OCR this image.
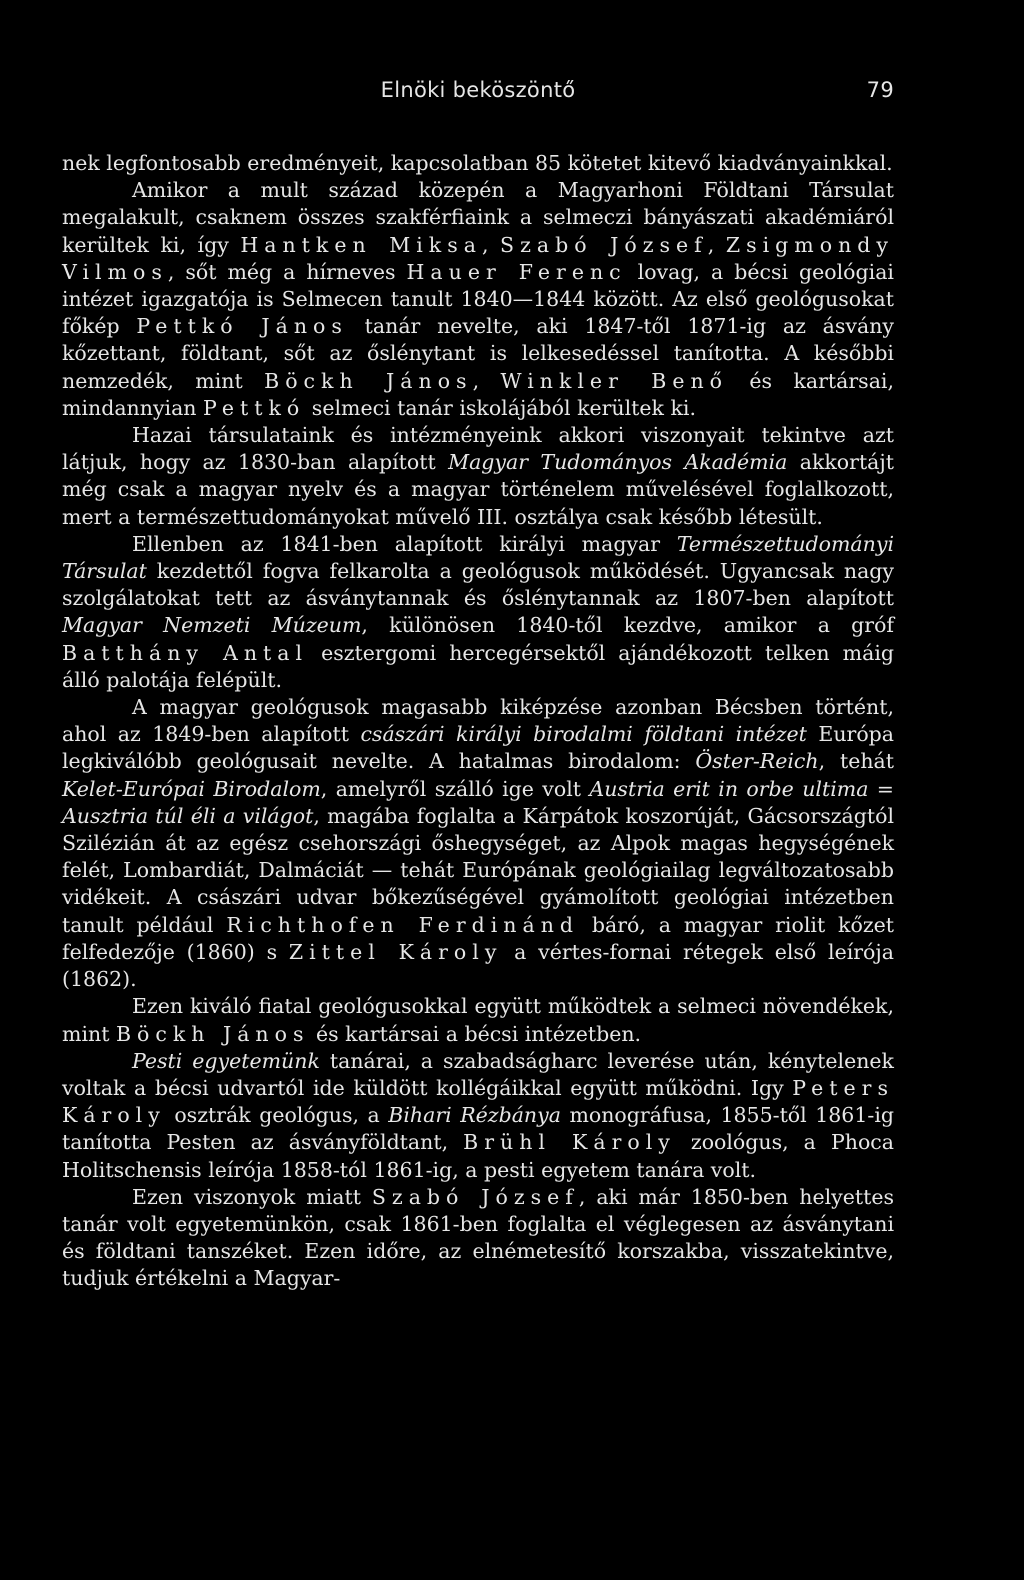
Elnöki beköszöntő	79

nek legfontosabb eredményeit, kapcsolatban 85 kötetet kitevő kiadványainkkal.

Amikor a mult század közepén a Magyarhoni Földtani Társulat megalakult, csaknem összes szakférfiaink a selmeczi bányászati akadémiáról kerültek ki, így Hantken Miksa, Szabó József, Zsigmondy Vilmos, sőt még a hírneves Hauer Ferenc lovag, a bécsi geológiai intézet igazgatója is Selmecen tanult 1840—1844 között. Az első geológusokat főkép Pettkó János tanár nevelte, aki 1847-től 1871-ig az ásvány kőzettant, földtant, sőt az őslénytant is lelkesedéssel tanította. A későbbi nemzedék, mint Böckh János, Winkler Benő és kartársai, mindannyian Pettkó selmeci tanár iskolájából kerültek ki.

Hazai társulataink és intézményeink akkori viszonyait tekintve azt látjuk, hogy az 1830-ban alapított Magyar Tudományos Akadémia akkortájt még csak a magyar nyelv és a magyar történelem művelésével foglalkozott, mert a természettudományokat művelő III. osztálya csak később létesült.

Ellenben az 1841-ben alapított királyi magyar Természettudományi Társulat kezdettől fogva felkarolta a geológusok működését. Ugyancsak nagy szolgálatokat tett az ásványtannak és őslénytannak az 1807-ben alapított Magyar Nemzeti Múzeum, különösen 1840-től kezdve, amikor a gróf Batthány Antal esztergomi hercegérsektől ajándékozott telken máig álló palotája felépült.

A magyar geológusok magasabb kiképzése azonban Bécsben történt, ahol az 1849-ben alapított császári királyi birodalmi földtani intézet Európa legkiválóbb geológusait nevelte. A hatalmas birodalom: Öster-Reich, tehát Kelet-Európai Birodalom, amelyről szálló ige volt Austria erit in orbe ultima = Ausztria túl éli a világot, magába foglalta a Kárpátok koszorúját, Gácsországtól Szilézián át az egész csehországi őshegységet, az Alpok magas hegységének felét, Lombardiát, Dalmáciát — tehát Európának geológiailag legváltozatosabb vidékeit. A császári udvar bőkezűségével gyámolított geológiai intézetben tanult például Richthofen Ferdinánd báró, a magyar riolit kőzet felfedezője (1860) s Zittel Károly a vértes-fornai rétegek első leírója (1862).

Ezen kiváló fiatal geológusokkal együtt működtek a selmeci növendékek, mint Böckh János és kartársai a bécsi intézetben.

Pesti egyetemünk tanárai, a szabadságharc leverése után, kénytelenek voltak a bécsi udvartól ide küldött kollégáikkal együtt működni. Igy Peters Károly osztrák geológus, a Bihari Rézbánya monográfusa, 1855-től 1861-ig tanította Pesten az ásványföldtant, Brühl Károly zoológus, a Phoca Holitschensis leírója 1858-tól 1861-ig, a pesti egyetem tanára volt.

Ezen viszonyok miatt Szabó József, aki már 1850-ben helyettes tanár volt egyetemünkön, csak 1861-ben foglalta el véglegesen az ásványtani és földtani tanszéket. Ezen időre, az elnémetesítő korszakba, visszatekintve, tudjuk értékelni a Magyar-
